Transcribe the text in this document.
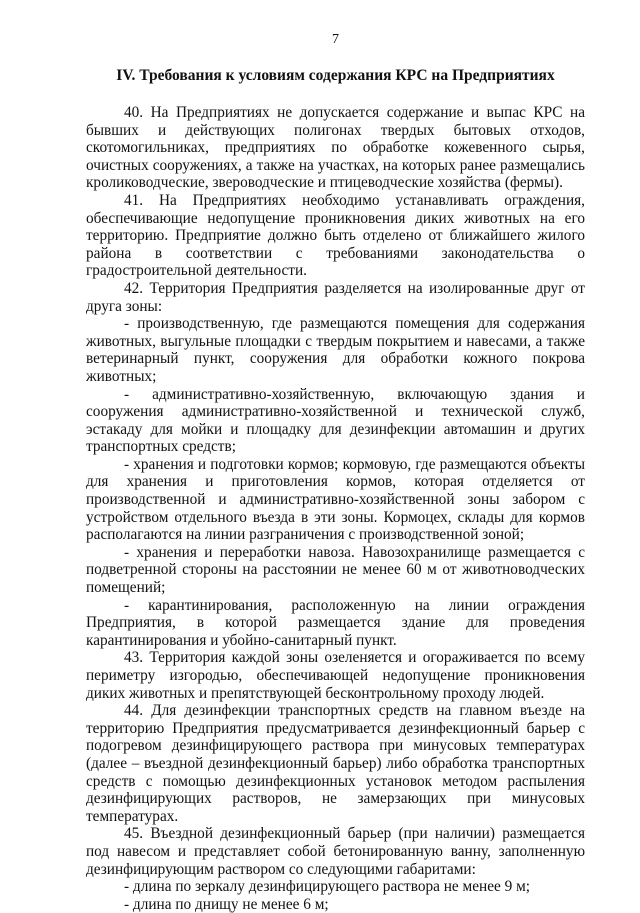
7
IV. Требования к условиям содержания КРС на Предприятиях

40. На Предприятиях не допускается содержание и выпас КРС на бывших и действующих полигонах твердых бытовых отходов, скотомогильниках, предприятиях по обработке кожевенного сырья, очистных сооружениях, а также на участках, на которых ранее размещались кролиководческие, звероводческие и птицеводческие хозяйства (фермы).

41. На Предприятиях необходимо устанавливать ограждения, обеспечивающие недопущение проникновения диких животных на его территорию. Предприятие должно быть отделено от ближайшего жилого района в соответствии с требованиями законодательства о градостроительной деятельности.

42. Территория Предприятия разделяется на изолированные друг от друга зоны:

- производственную, где размещаются помещения для содержания животных, выгульные площадки с твердым покрытием и навесами, а также ветеринарный пункт, сооружения для обработки кожного покрова животных;

- административно-хозяйственную, включающую здания и сооружения административно-хозяйственной и технической служб, эстакаду для мойки и площадку для дезинфекции автомашин и других транспортных средств;

- хранения и подготовки кормов; кормовую, где размещаются объекты для хранения и приготовления кормов, которая отделяется от производственной и административно-хозяйственной зоны забором с устройством отдельного въезда в эти зоны. Кормоцех, склады для кормов располагаются на линии разграничения с производственной зоной;

- хранения и переработки навоза. Навозохранилище размещается с подветренной стороны на расстоянии не менее 60 м от животноводческих помещений;

- карантинирования, расположенную на линии ограждения Предприятия, в которой размещается здание для проведения карантинирования и убойно-санитарный пункт.

43. Территория каждой зоны озеленяется и огораживается по всему периметру изгородью, обеспечивающей недопущение проникновения диких животных и препятствующей бесконтрольному проходу людей.

44. Для дезинфекции транспортных средств на главном въезде на территорию Предприятия предусматривается дезинфекционный барьер с подогревом дезинфицирующего раствора при минусовых температурах (далее – въездной дезинфекционный барьер) либо обработка транспортных средств с помощью дезинфекционных установок методом распыления дезинфицирующих растворов, не замерзающих при минусовых температурах.

45. Въездной дезинфекционный барьер (при наличии) размещается под навесом и представляет собой бетонированную ванну, заполненную дезинфицирующим раствором со следующими габаритами:

- длина по зеркалу дезинфицирующего раствора не менее 9 м;

- длина по днищу не менее 6 м;
